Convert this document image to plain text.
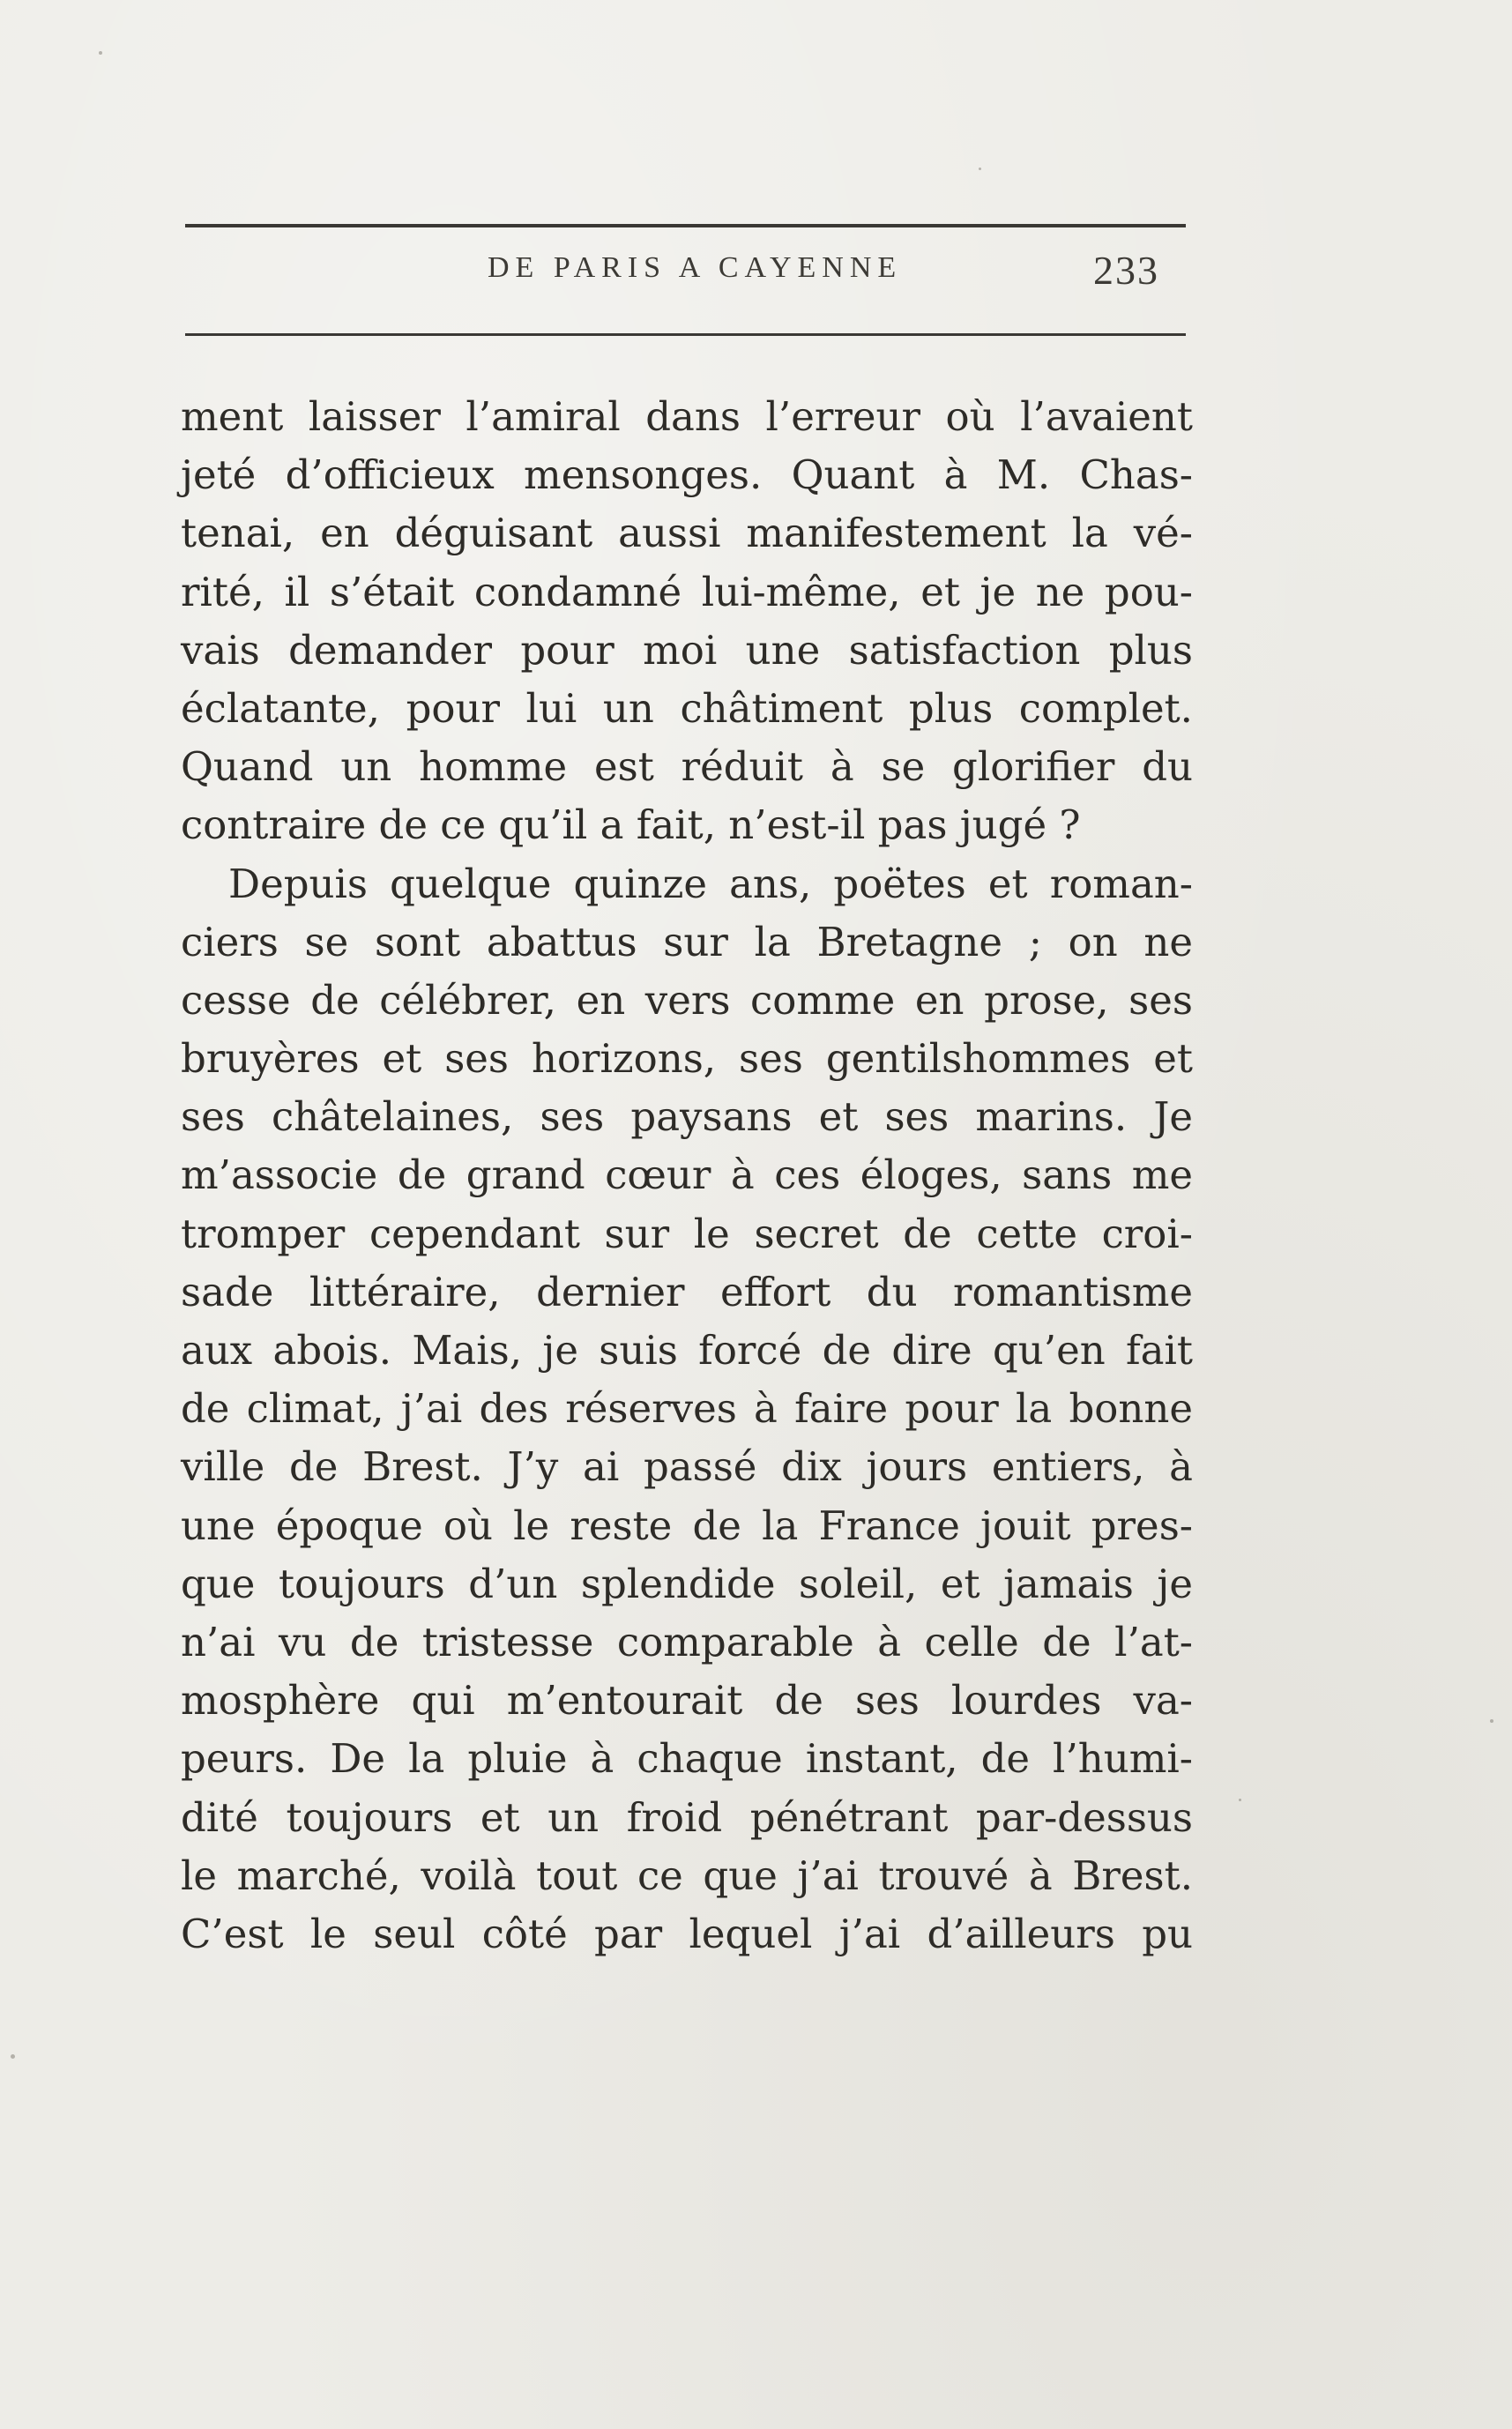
DE PARIS A CAYENNE	233
ment laisser l’amiral dans l’erreur où l’avaient
jeté d’officieux mensonges. Quant à M. Chas-
tenai, en déguisant aussi manifestement la vé-
rité, il s’était condamné lui-même, et je ne pou-
vais demander pour moi une satisfaction plus
éclatante, pour lui un châtiment plus complet.
Quand un homme est réduit à se glorifier du
contraire de ce qu’il a fait, n’est-il pas jugé ?
Depuis quelque quinze ans, poëtes et roman-
ciers se sont abattus sur la Bretagne ; on ne
cesse de célébrer, en vers comme en prose, ses
bruyères et ses horizons, ses gentilshommes et
ses châtelaines, ses paysans et ses marins. Je
m’associe de grand cœur à ces éloges, sans me
tromper cependant sur le secret de cette croi-
sade littéraire, dernier effort du romantisme
aux abois. Mais, je suis forcé de dire qu’en fait
de climat, j’ai des réserves à faire pour la bonne
ville de Brest. J’y ai passé dix jours entiers, à
une époque où le reste de la France jouit pres-
que toujours d’un splendide soleil, et jamais je
n’ai vu de tristesse comparable à celle de l’at-
mosphère qui m’entourait de ses lourdes va-
peurs. De la pluie à chaque instant, de l’humi-
dité toujours et un froid pénétrant par-dessus
le marché, voilà tout ce que j’ai trouvé à Brest.
C’est le seul côté par lequel j’ai d’ailleurs pu
